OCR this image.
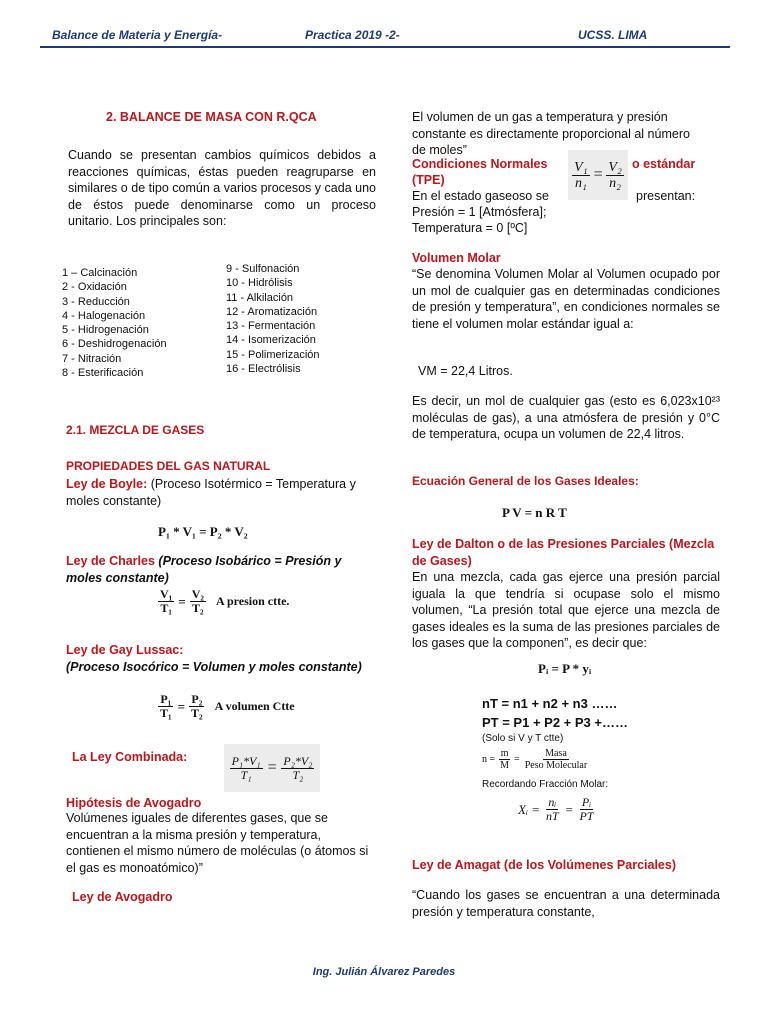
Balance de Materia y Energía-	Practica 2019 -2-	UCSS. LIMA
2. BALANCE DE MASA CON R.QCA
Cuando se presentan cambios químicos debidos a reacciones químicas, éstas pueden reagruparse en similares o de tipo común a varios procesos y cada uno de éstos puede denominarse como un proceso unitario. Los principales son:
1 – Calcinación
2 - Oxidación
3 - Reducción
4 - Halogenación
5 - Hidrogenación
6 - Deshidrogenación
7 - Nitración
8 - Esterificación
9 - Sulfonación
10 - Hidrólisis
11 - Alkilación
12 - Aromatización
13 - Fermentación
14 - Isomerización
15 - Polimerización
16 - Electrólisis
2.1. MEZCLA DE GASES
PROPIEDADES DEL GAS NATURAL
Ley de Boyle: (Proceso Isotérmico = Temperatura y moles constante)
P₁ * V₁ = P₂ * V₂
Ley de Charles (Proceso Isobárico = Presión y moles constante)
$\frac{\text{V₁}}{\text{T₁}} = \frac{\text{V₂}}{\text{T₂}}$ A presion ctte.
Ley de Gay Lussac:
(Proceso Isocórico = Volumen y moles constante)
$\frac{\text{P₁}}{\text{T₁}} = \frac{\text{P₂}}{\text{T₂}}$ A volumen Ctte
La Ley Combinada:	$\frac{\text{P₁*V₁}}{\text{T₁}} = \frac{\text{P₂*V₂}}{\text{T₂}}$
Hipótesis de Avogadro
Volúmenes iguales de diferentes gases, que se encuentran a la misma presión y temperatura, contienen el mismo número de moléculas (o átomos si el gas es monoatómico)”
Ley de Avogadro
El volumen de un gas a temperatura y presión constante es directamente proporcional al número de moles”
Condiciones Normales	o estándar
(TPE)	$\frac{\text{V₁}}{\text{n₁}} = \frac{\text{V₂}}{\text{n₂}}$
En el estado gaseoso se	presentan:
Presión = 1 [Atmósfera];
Temperatura = 0 [ºC]
Volumen Molar
“Se denomina Volumen Molar al Volumen ocupado por un mol de cualquier gas en determinadas condiciones de presión y temperatura”, en condiciones normales se tiene el volumen molar estándar igual a:
VM = 22,4 Litros.
Es decir, un mol de cualquier gas (esto es 6,023x10²³ moléculas de gas), a una atmósfera de presión y 0°C de temperatura, ocupa un volumen de 22,4 litros.
Ecuación General de los Gases Ideales:
P V = n R T
Ley de Dalton o de las Presiones Parciales (Mezcla de Gases)
En una mezcla, cada gas ejerce una presión parcial iguala la que tendría si ocupase solo el mismo volumen, “La presión total que ejerce una mezcla de gases ideales es la suma de las presiones parciales de los gases que la componen”, es decir que:
Pᵢ = P * yᵢ
nT = n1 + n2 + n3 ……
PT = P1 + P2 + P3 +……
(Solo si V y T ctte)
$n = \frac{m}{M} = \frac{\text{Masa}}{\text{Peso Molecular}}$
Recordando Fracción Molar:
Xᵢ = $\frac{\text{nᵢ}}{nT} = \frac{\text{Pᵢ}}{PT}$
Ley de Amagat (de los Volúmenes Parciales)
“Cuando los gases se encuentran a una determinada presión y temperatura constante,
Ing. Julián Álvarez Paredes
